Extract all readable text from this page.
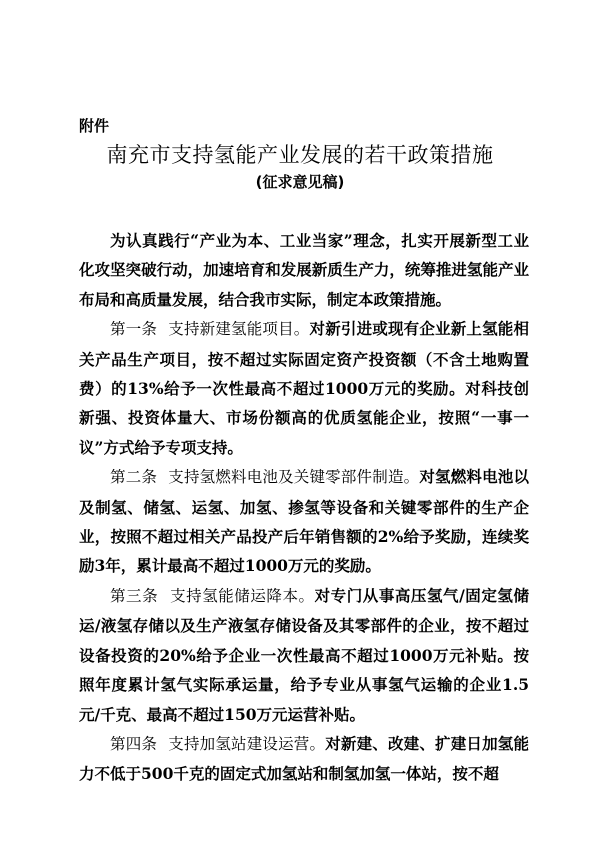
附件
南充市支持氢能产业发展的若干政策措施
(征求意见稿)

为认真践行“产业为本、工业当家”理念，扎实开展新型工业化攻坚突破行动，加速培育和发展新质生产力，统筹推进氢能产业布局和高质量发展，结合我市实际，制定本政策措施。

第一条 支持新建氢能项目。对新引进或现有企业新上氢能相关产品生产项目，按不超过实际固定资产投资额（不含土地购置费）的13%给予一次性最高不超过1000万元的奖励。对科技创新强、投资体量大、市场份额高的优质氢能企业，按照“一事一议”方式给予专项支持。

第二条 支持氢燃料电池及关键零部件制造。对氢燃料电池以及制氢、储氢、运氢、加氢、掺氢等设备和关键零部件的生产企业，按照不超过相关产品投产后年销售额的2%给予奖励，连续奖励3年，累计最高不超过1000万元的奖励。

第三条 支持氢能储运降本。对专门从事高压氢气/固定氢储运/液氢存储以及生产液氢存储设备及其零部件的企业，按不超过设备投资的20%给予企业一次性最高不超过1000万元补贴。按照年度累计氢气实际承运量，给予专业从事氢气运输的企业1.5元/千克、最高不超过150万元运营补贴。

第四条 支持加氢站建设运营。对新建、改建、扩建日加氢能力不低于500千克的固定式加氢站和制氢加氢一体站，按不超
